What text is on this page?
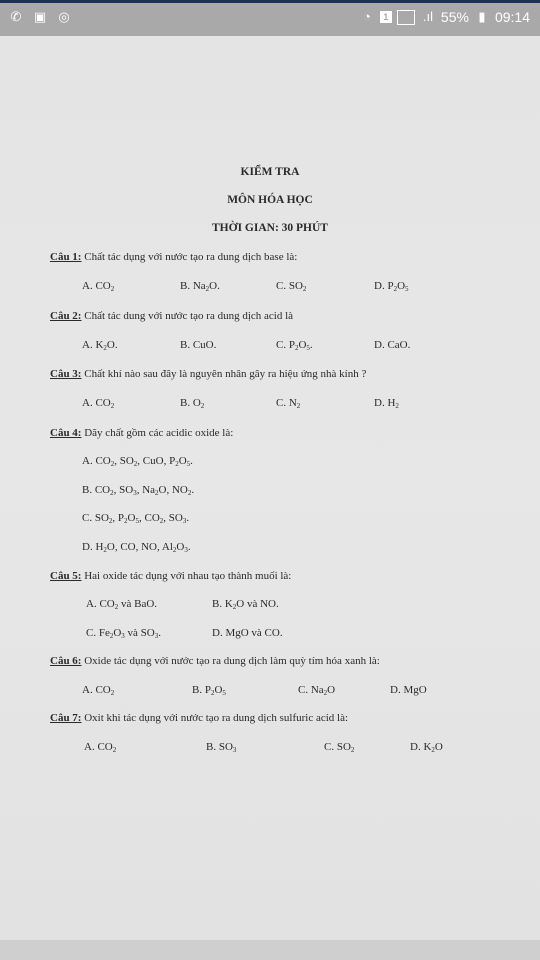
✆ ▣ ◎	◔	1	.ıl 55% ▮ 09:14
KIỂM TRA
MÔN HÓA HỌC
THỜI GIAN: 30 PHÚT
Câu 1: Chất tác dụng với nước tạo ra dung dịch base là:
A. $CO_2$	B. $Na_2O$.	C. $SO_2$	D. $P_2O_5$
Câu 2: Chất tác dung với nước tạo ra dung dịch acid là
A. $K_2O$.	B. CuO.	C. $P_2O_5$.	D. CaO.
Câu 3: Chất khí nào sau đây là nguyên nhân gây ra hiệu ứng nhà kính ?
A. $CO_2$	B. $O_2$	C. $N_2$	D. $H_2$
Câu 4: Dãy chất gồm các acidic oxide là:
A. $CO_2$, $SO_2$, CuO, $P_2O_5$.
B. $CO_2$, $SO_3$, $Na_2O$, $NO_2$.
C. $SO_2$, $P_2O_5$, $CO_2$, $SO_3$.
D. $H_2O$, CO, NO, $Al_2O_3$.
Câu 5: Hai oxide tác dụng với nhau tạo thành muối là:
A. $CO_2$ và BaO.	B. $K_2O$ và NO.
C. $Fe_2O_3$ và $SO_3$.	D. MgO và CO.
Câu 6: Oxide tác dụng với nước tạo ra dung dịch làm quỳ tím hóa xanh là:
A. $CO_2$	B. $P_2O_5$	C. $Na_2O$	D. MgO
Câu 7: Oxit khi tác dụng với nước tạo ra dung dịch sulfuric acid là:
A. $CO_2$	B. $SO_3$	C. $SO_2$	D. $K_2O$
